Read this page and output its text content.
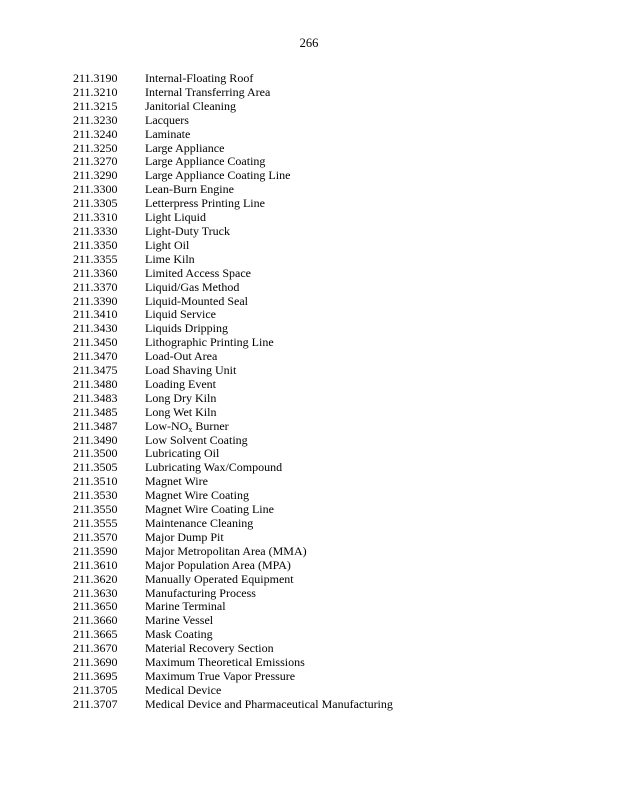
266
211.3190	Internal-Floating Roof
211.3210	Internal Transferring Area
211.3215	Janitorial Cleaning
211.3230	Lacquers
211.3240	Laminate
211.3250	Large Appliance
211.3270	Large Appliance Coating
211.3290	Large Appliance Coating Line
211.3300	Lean-Burn Engine
211.3305	Letterpress Printing Line
211.3310	Light Liquid
211.3330	Light-Duty Truck
211.3350	Light Oil
211.3355	Lime Kiln
211.3360	Limited Access Space
211.3370	Liquid/Gas Method
211.3390	Liquid-Mounted Seal
211.3410	Liquid Service
211.3430	Liquids Dripping
211.3450	Lithographic Printing Line
211.3470	Load-Out Area
211.3475	Load Shaving Unit
211.3480	Loading Event
211.3483	Long Dry Kiln
211.3485	Long Wet Kiln
211.3487	Low-$NO_x$ Burner
211.3490	Low Solvent Coating
211.3500	Lubricating Oil
211.3505	Lubricating Wax/Compound
211.3510	Magnet Wire
211.3530	Magnet Wire Coating
211.3550	Magnet Wire Coating Line
211.3555	Maintenance Cleaning
211.3570	Major Dump Pit
211.3590	Major Metropolitan Area (MMA)
211.3610	Major Population Area (MPA)
211.3620	Manually Operated Equipment
211.3630	Manufacturing Process
211.3650	Marine Terminal
211.3660	Marine Vessel
211.3665	Mask Coating
211.3670	Material Recovery Section
211.3690	Maximum Theoretical Emissions
211.3695	Maximum True Vapor Pressure
211.3705	Medical Device
211.3707	Medical Device and Pharmaceutical Manufacturing
